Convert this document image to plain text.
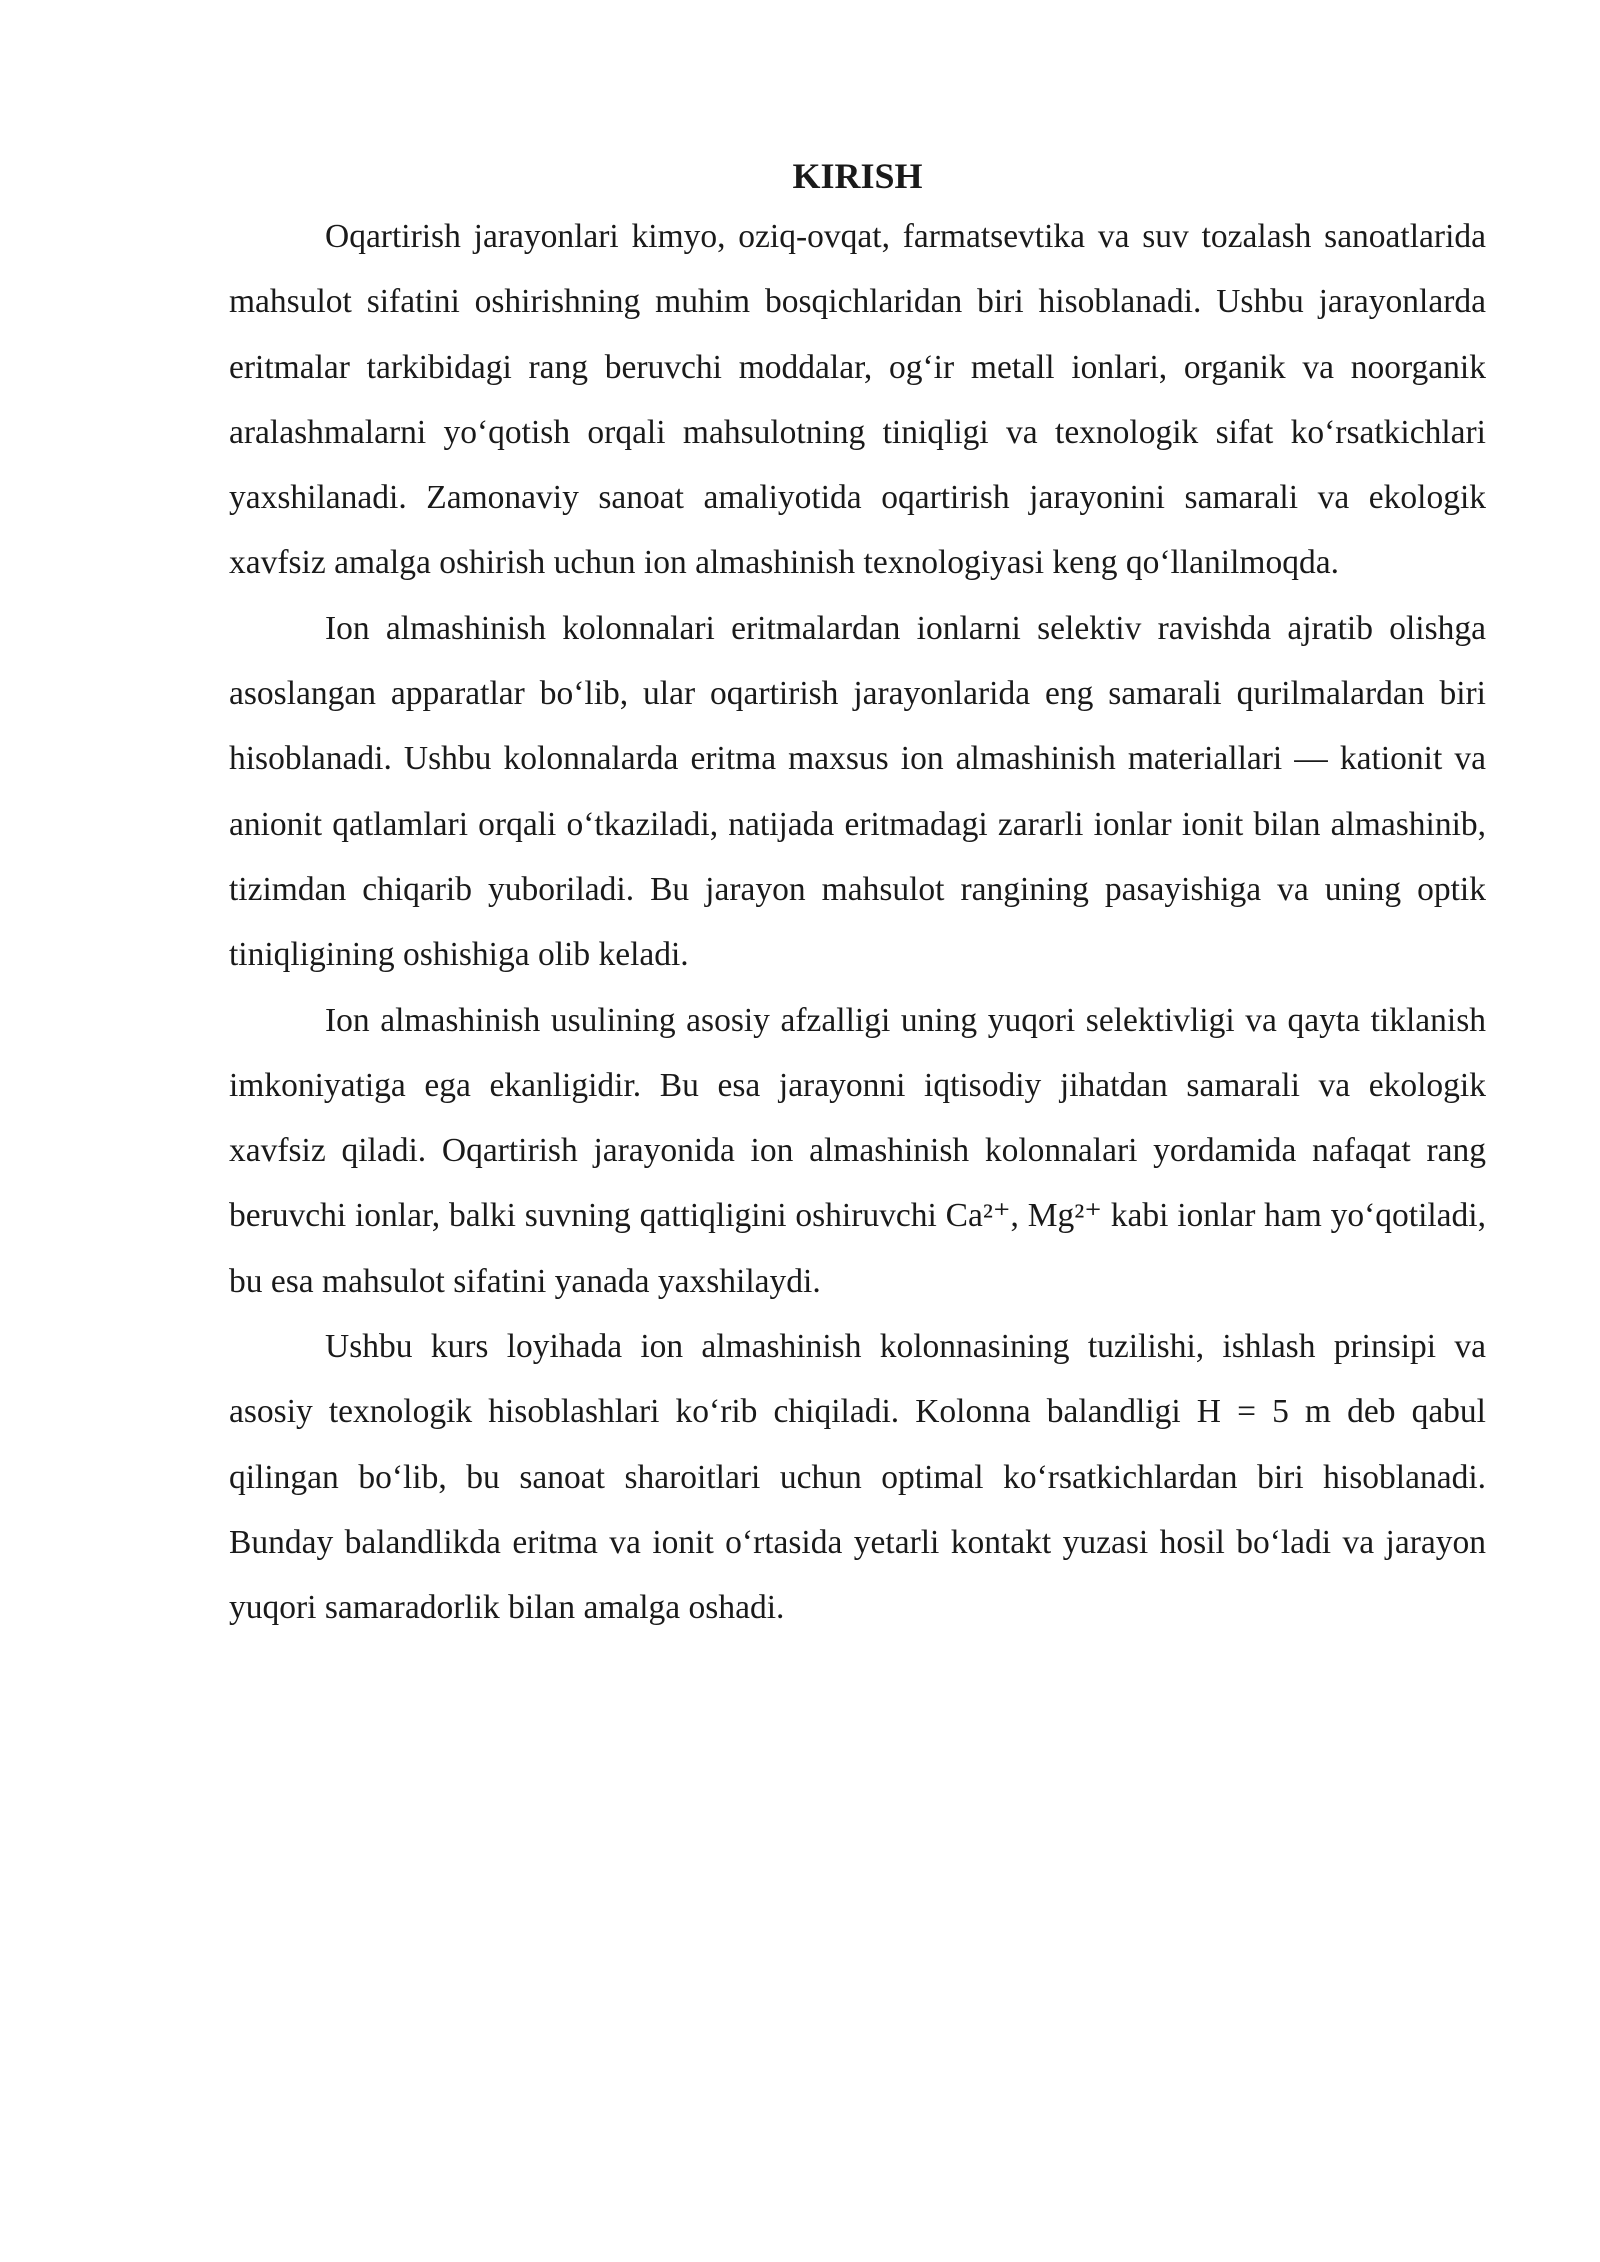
KIRISH

Oqartirish jarayonlari kimyo, oziq-ovqat, farmatsevtika va suv tozalash sanoatlarida mahsulot sifatini oshirishning muhim bosqichlaridan biri hisoblanadi. Ushbu jarayonlarda eritmalar tarkibidagi rang beruvchi moddalar, og‘ir metall ionlari, organik va noorganik aralashmalarni yo‘qotish orqali mahsulotning tiniqligi va texnologik sifat ko‘rsatkichlari yaxshilanadi. Zamonaviy sanoat amaliyotida oqartirish jarayonini samarali va ekologik xavfsiz amalga oshirish uchun ion almashinish texnologiyasi keng qo‘llanilmoqda.

Ion almashinish kolonnalari eritmalardan ionlarni selektiv ravishda ajratib olishga asoslangan apparatlar bo‘lib, ular oqartirish jarayonlarida eng samarali qurilmalardan biri hisoblanadi. Ushbu kolonnalarda eritma maxsus ion almashinish materiallari — kationit va anionit qatlamlari orqali o‘tkaziladi, natijada eritmadagi zararli ionlar ionit bilan almashinib, tizimdan chiqarib yuboriladi. Bu jarayon mahsulot rangining pasayishiga va uning optik tiniqligining oshishiga olib keladi.

Ion almashinish usulining asosiy afzalligi uning yuqori selektivligi va qayta tiklanish imkoniyatiga ega ekanligidir. Bu esa jarayonni iqtisodiy jihatdan samarali va ekologik xavfsiz qiladi. Oqartirish jarayonida ion almashinish kolonnalari yordamida nafaqat rang beruvchi ionlar, balki suvning qattiqligini oshiruvchi Ca²⁺, Mg²⁺ kabi ionlar ham yo‘qotiladi, bu esa mahsulot sifatini yanada yaxshilaydi.

Ushbu kurs loyihada ion almashinish kolonnasining tuzilishi, ishlash prinsipi va asosiy texnologik hisoblashlari ko‘rib chiqiladi. Kolonna balandligi H = 5 m deb qabul qilingan bo‘lib, bu sanoat sharoitlari uchun optimal ko‘rsatkichlardan biri hisoblanadi. Bunday balandlikda eritma va ionit o‘rtasida yetarli kontakt yuzasi hosil bo‘ladi va jarayon yuqori samaradorlik bilan amalga oshadi.
